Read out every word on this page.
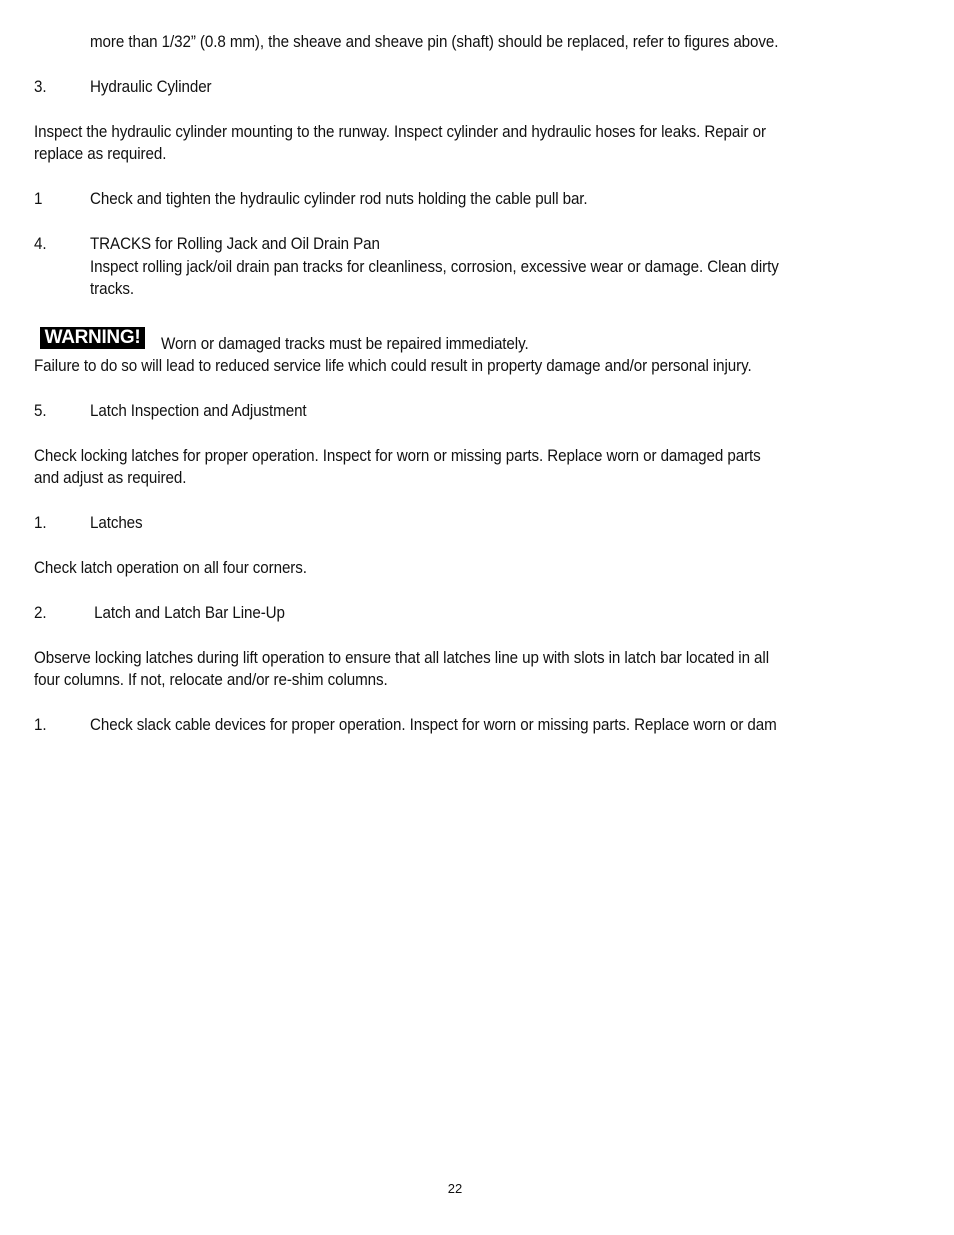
more than 1/32” (0.8 mm), the sheave and sheave pin (shaft) should be replaced, refer to figures above.
3.	Hydraulic Cylinder
Inspect the hydraulic cylinder mounting to the runway. Inspect cylinder and hydraulic hoses for leaks. Repair or
replace as required.
1	Check and tighten the hydraulic cylinder rod nuts holding the cable pull bar.
4.	TRACKS for Rolling Jack and Oil Drain Pan
Inspect rolling jack/oil drain pan tracks for cleanliness, corrosion, excessive wear or damage. Clean dirty
tracks.
WARNING! Worn or damaged tracks must be repaired immediately.
Failure to do so will lead to reduced service life which could result in property damage and/or personal injury.
5.	Latch Inspection and Adjustment
Check locking latches for proper operation. Inspect for worn or missing parts. Replace worn or damaged parts
and adjust as required.
1.	Latches
Check latch operation on all four corners.
2.	Latch and Latch Bar Line-Up
Observe locking latches during lift operation to ensure that all latches line up with slots in latch bar located in all
four columns. If not, relocate and/or re-shim columns.
1.	Check slack cable devices for proper operation. Inspect for worn or missing parts. Replace worn or dam
22
